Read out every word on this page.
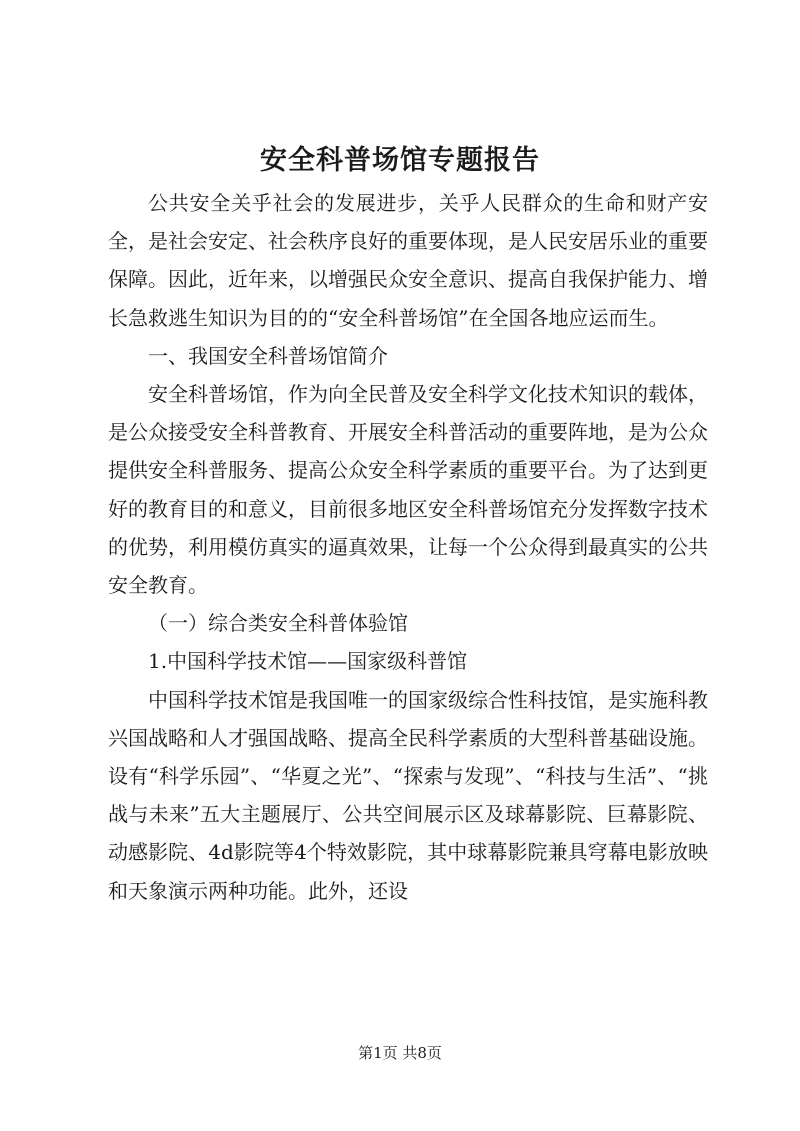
安全科普场馆专题报告

公共安全关乎社会的发展进步，关乎人民群众的生命和财产安全，是社会安定、社会秩序良好的重要体现，是人民安居乐业的重要保障。因此，近年来，以增强民众安全意识、提高自我保护能力、增长急救逃生知识为目的的“安全科普场馆”在全国各地应运而生。

一、我国安全科普场馆简介

安全科普场馆，作为向全民普及安全科学文化技术知识的载体，是公众接受安全科普教育、开展安全科普活动的重要阵地，是为公众提供安全科普服务、提高公众安全科学素质的重要平台。为了达到更好的教育目的和意义，目前很多地区安全科普场馆充分发挥数字技术的优势，利用模仿真实的逼真效果，让每一个公众得到最真实的公共安全教育。

（一）综合类安全科普体验馆

1.中国科学技术馆——国家级科普馆

中国科学技术馆是我国唯一的国家级综合性科技馆，是实施科教兴国战略和人才强国战略、提高全民科学素质的大型科普基础设施。设有“科学乐园”、“华夏之光”、“探索与发现”、“科技与生活”、“挑战与未来”五大主题展厅、公共空间展示区及球幕影院、巨幕影院、动感影院、4d影院等4个特效影院，其中球幕影院兼具穹幕电影放映和天象演示两种功能。此外，还设

第1页 共8页
